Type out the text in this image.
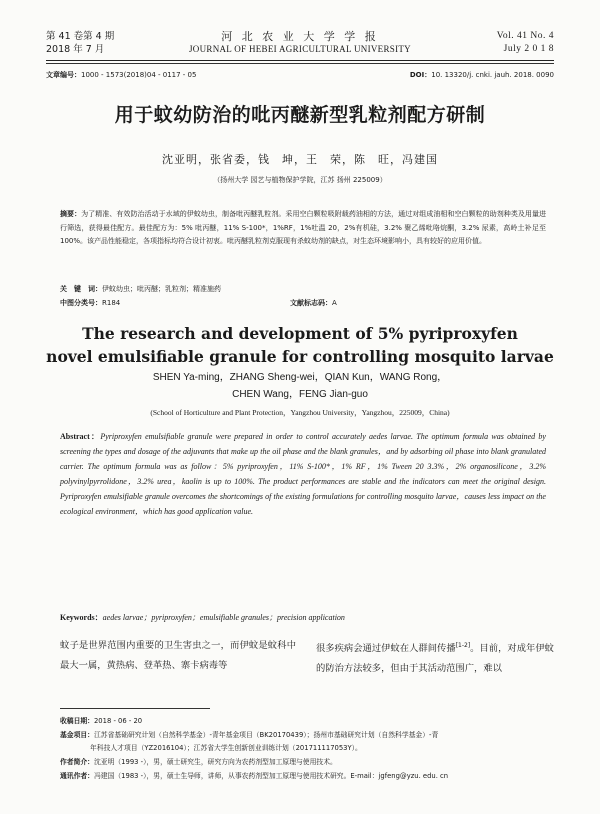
第 41 卷第 4 期
2018 年 7 月
河 北 农 业 大 学 学 报
JOURNAL OF HEBEI AGRICULTURAL UNIVERSITY
Vol. 41 No. 4
July 2 0 1 8
文章编号：1000 - 1573(2018)04 - 0117 - 05	DOI：10. 13320/j. cnki. jauh. 2018. 0090
用于蚊幼防治的吡丙醚新型乳粒剂配方研制
沈亚明，张省委，钱　坤，王　荣，陈　旺，冯建国
（扬州大学 园艺与植物保护学院，江苏 扬州 225009）
摘要：为了精准、有效防治活动于水域的伊蚊幼虫，制备吡丙醚乳粒剂。采用空白颗粒吸附载药油相的方法，通过对组成油相和空白颗粒的助剂种类及用量进行筛选，获得最佳配方。最佳配方为：5% 吡丙醚，11% S-100*，1%RF，1%吐温 20，2%有机硅，3.2% 聚乙烯吡咯烷酮，3.2% 尿素，高岭土补足至 100%。该产品性能稳定，各项指标均符合设计初衷。吡丙醚乳粒剂克服现有杀蚊幼剂的缺点，对生态环境影响小，具有较好的应用价值。
关　键　词：伊蚊幼虫；吡丙醚；乳粒剂；精准施药
中图分类号：R184	文献标志码：A
The research and development of 5% pyriproxyfen
novel emulsifiable granule for controlling mosquito larvae
SHEN Ya-ming，ZHANG Sheng-wei，QIAN Kun，WANG Rong，
CHEN Wang，FENG Jian-guo
(School of Horticulture and Plant Protection，Yangzhou University，Yangzhou，225009，China)
Abstract：Pyriproxyfen emulsifiable granule were prepared in order to control accurately aedes larvae. The optimum formula was obtained by screening the types and dosage of the adjuvants that make up the oil phase and the blank granules，and by adsorbing oil phase into blank granulated carrier. The optimum formula was as follow：5% pyriproxyfen，11% S-100*，1% RF，1% Tween 20 3.3%，2% organosilicone，3.2% polyvinylpyrrolidone，3.2% urea，kaolin is up to 100%. The product performances are stable and the indicators can meet the original design. Pyriproxyfen emulsifiable granule overcomes the shortcomings of the existing formulations for controlling mosquito larvae，causes less impact on the ecological environment，which has good application value.
Keywords：aedes larvae；pyriproxyfen；emulsifiable granules；precision application
蚊子是世界范围内重要的卫生害虫之一，而伊蚊是蚊科中最大一属，黄热病、登革热、寨卡病毒等
很多疾病会通过伊蚊在人群间传播[1-2]。目前，对成年伊蚊的防治方法较多，但由于其活动范围广，难以
收稿日期：2018 - 06 - 20
基金项目：江苏省基础研究计划（自然科学基金）-青年基金项目（BK20170439）；扬州市基础研究计划（自然科学基金）-青
年科技人才项目（YZ2016104）；江苏省大学生创新创业训练计划（201711117053Y）。
作者简介：沈亚明（1993 -），男，硕士研究生，研究方向为农药剂型加工原理与使用技术。
通讯作者：冯建国（1983 -），男，硕士生导师，讲师，从事农药剂型加工原理与使用技术研究。E-mail：jgfeng@yzu. edu. cn
